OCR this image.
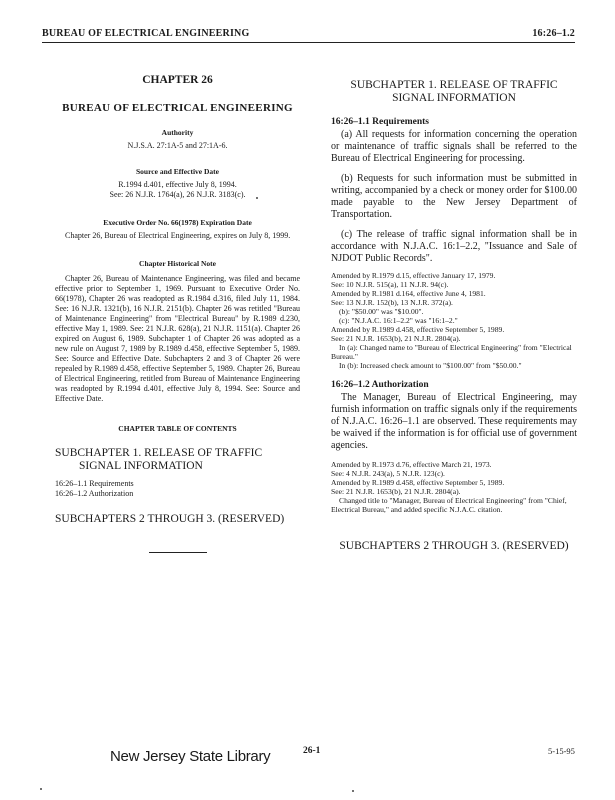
BUREAU OF ELECTRICAL ENGINEERING	16:26–1.2

CHAPTER 26

BUREAU OF ELECTRICAL ENGINEERING

Authority

N.J.S.A. 27:1A-5 and 27:1A-6.

Source and Effective Date

R.1994 d.401, effective July 8, 1994.

See: 26 N.J.R. 1764(a), 26 N.J.R. 3183(c).

Executive Order No. 66(1978) Expiration Date

Chapter 26, Bureau of Electrical Engineering, expires on July 8, 1999.

Chapter Historical Note

Chapter 26, Bureau of Maintenance Engineering, was filed and became effective prior to September 1, 1969. Pursuant to Executive Order No. 66(1978), Chapter 26 was readopted as R.1984 d.316, filed July 11, 1984. See: 16 N.J.R. 1321(b), 16 N.J.R. 2151(b). Chapter 26 was retitled "Bureau of Maintenance Engineering" from "Electrical Bureau" by R.1989 d.230, effective May 1, 1989. See: 21 N.J.R. 628(a), 21 N.J.R. 1151(a). Chapter 26 expired on August 6, 1989. Subchapter 1 of Chapter 26 was adopted as a new rule on August 7, 1989 by R.1989 d.458, effective September 5, 1989. See: Source and Effective Date. Subchapters 2 and 3 of Chapter 26 were repealed by R.1989 d.458, effective September 5, 1989. Chapter 26, Bureau of Electrical Engineering, retitled from Bureau of Maintenance Engineering was readopted by R.1994 d.401, effective July 8, 1994. See: Source and Effective Date.

CHAPTER TABLE OF CONTENTS

SUBCHAPTER 1. RELEASE OF TRAFFIC SIGNAL INFORMATION

16:26–1.1 Requirements

16:26–1.2 Authorization

SUBCHAPTERS 2 THROUGH 3. (RESERVED)

SUBCHAPTER 1. RELEASE OF TRAFFIC SIGNAL INFORMATION

16:26–1.1 Requirements

(a) All requests for information concerning the operation or maintenance of traffic signals shall be referred to the Bureau of Electrical Engineering for processing.

(b) Requests for such information must be submitted in writing, accompanied by a check or money order for $100.00 made payable to the New Jersey Department of Transportation.

(c) The release of traffic signal information shall be in accordance with N.J.A.C. 16:1–2.2, "Issuance and Sale of NJDOT Public Records".

Amended by R.1979 d.15, effective January 17, 1979.

See: 10 N.J.R. 515(a), 11 N.J.R. 94(c).

Amended by R.1981 d.164, effective June 4, 1981.

See: 13 N.J.R. 152(b), 13 N.J.R. 372(a).

(b): "$50.00" was "$10.00".

(c): "N.J.A.C. 16:1–2.2" was "16:1–2."

Amended by R.1989 d.458, effective September 5, 1989.

See: 21 N.J.R. 1653(b), 21 N.J.R. 2804(a).

In (a): Changed name to "Bureau of Electrical Engineering" from "Electrical Bureau."

In (b): Increased check amount to "$100.00" from "$50.00."

16:26–1.2 Authorization

The Manager, Bureau of Electrical Engineering, may furnish information on traffic signals only if the requirements of N.J.A.C. 16:26–1.1 are observed. These requirements may be waived if the information is for official use of government agencies.

Amended by R.1973 d.76, effective March 21, 1973.

See: 4 N.J.R. 243(a), 5 N.J.R. 123(c).

Amended by R.1989 d.458, effective September 5, 1989.

See: 21 N.J.R. 1653(b), 21 N.J.R. 2804(a).

Changed title to "Manager, Bureau of Electrical Engineering" from "Chief, Electrical Bureau," and added specific N.J.A.C. citation.

SUBCHAPTERS 2 THROUGH 3. (RESERVED)

New Jersey State Library	26-1	5-15-95
